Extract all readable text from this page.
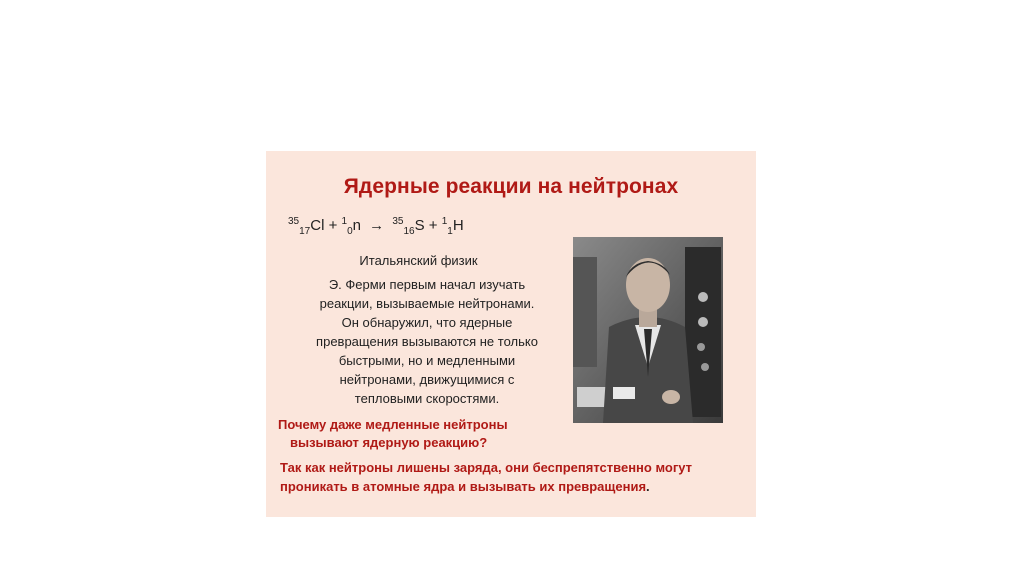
Ядерные реакции на нейтронах
$^{35}_{17}$Cl + $^1_0$n → $^{35}_{16}$S + $^1_1$H
Итальянский физик
Э. Ферми первым начал изучать
реакции, вызываемые нейтронами.
Он обнаружил, что ядерные
превращения вызываются не только
быстрыми, но и медленными
нейтронами, движущимися с
тепловыми скоростями.
Почему даже медленные нейтроны
вызывают ядерную реакцию?
Так как нейтроны лишены заряда, они беспрепятственно могут
проникать в атомные ядра и вызывать их превращения.
